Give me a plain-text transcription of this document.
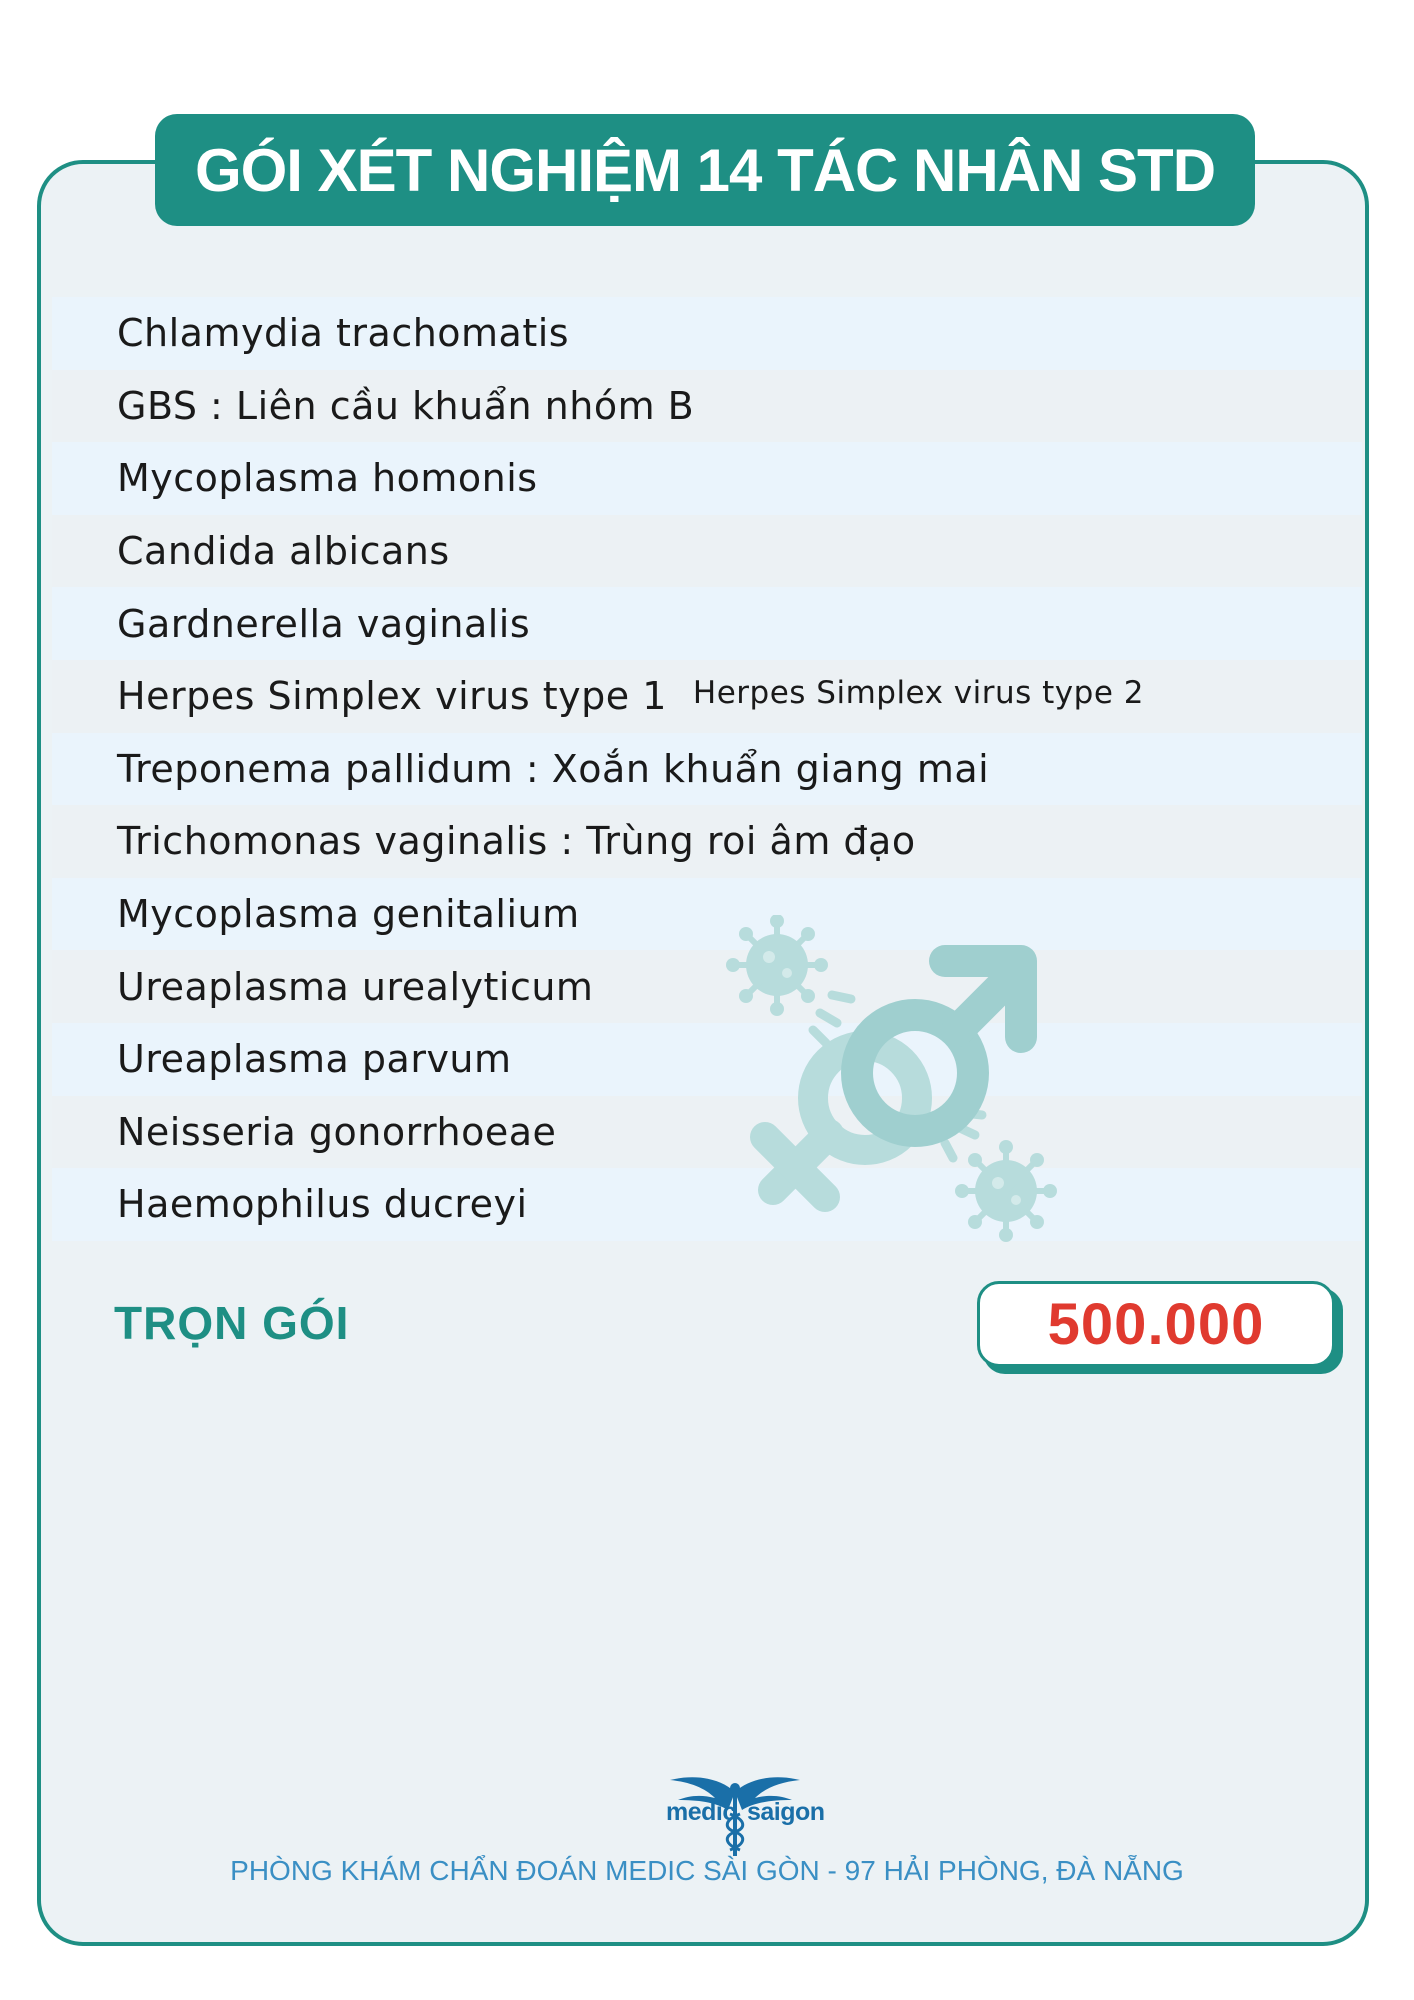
GÓI XÉT NGHIỆM 14 TÁC NHÂN STD
Chlamydia trachomatis
GBS : Liên cầu khuẩn nhóm B
Mycoplasma homonis
Candida albicans
Gardnerella vaginalis
Herpes Simplex virus type 1 Herpes Simplex virus type 2
Treponema pallidum : Xoắn khuẩn giang mai
Trichomonas vaginalis : Trùng roi âm đạo
Mycoplasma genitalium
Ureaplasma urealyticum
Ureaplasma parvum
Neisseria gonorrhoeae
Haemophilus ducreyi
TRỌN GÓI	500.000
medic saigon
PHÒNG KHÁM CHẨN ĐOÁN MEDIC SÀI GÒN - 97 HẢI PHÒNG, ĐÀ NẴNG
